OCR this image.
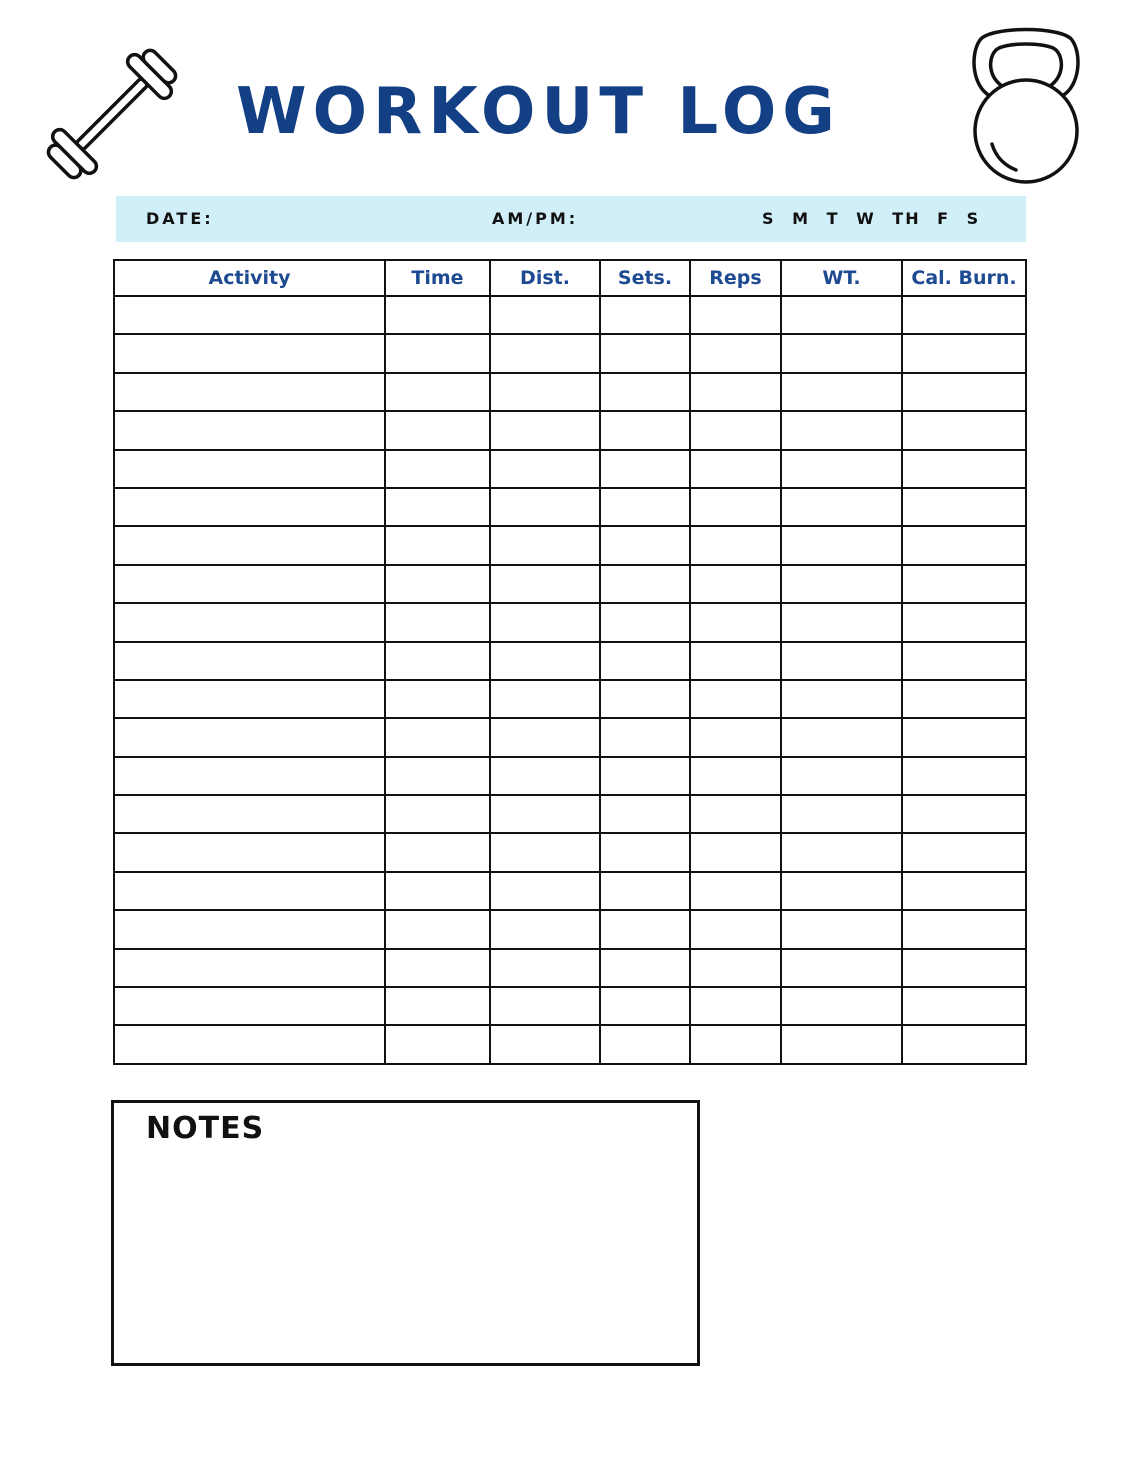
WORKOUT LOG
DATE:	AM/PM:	S M T W TH F S
Activity	Time	Dist.	Sets.	Reps	WT.	Cal. Burn.

NOTES
